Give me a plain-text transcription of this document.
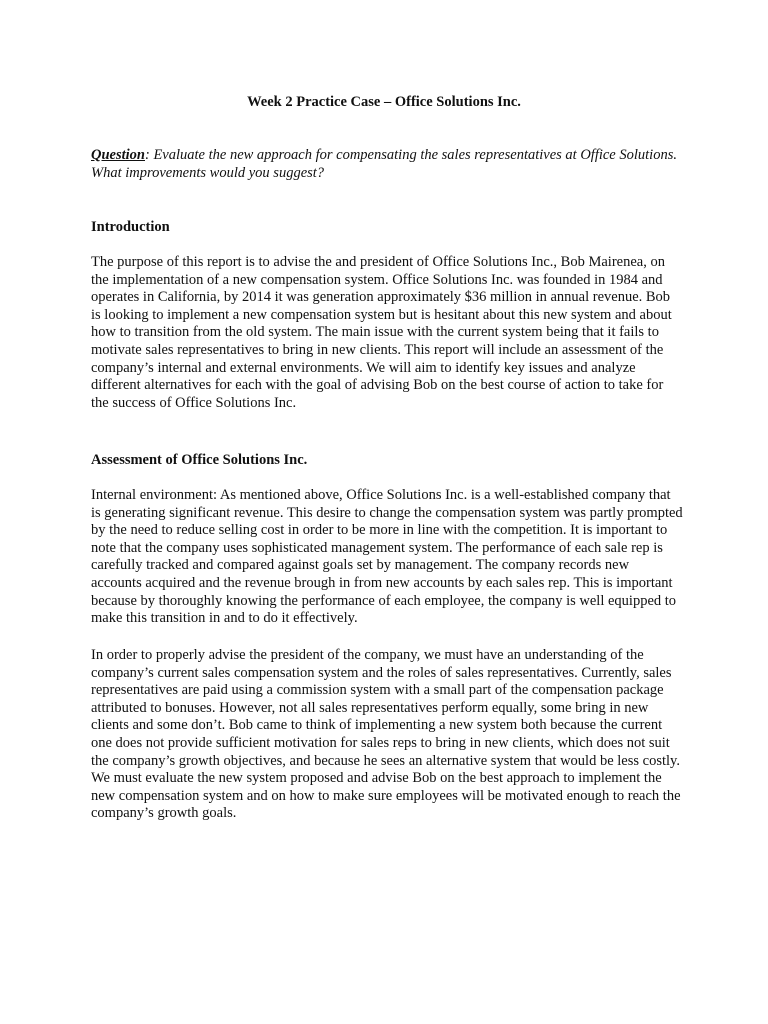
Week 2 Practice Case – Office Solutions Inc.
Question: Evaluate the new approach for compensating the sales representatives at Office Solutions. What improvements would you suggest?
Introduction

The purpose of this report is to advise the and president of Office Solutions Inc., Bob Mairenea, on the implementation of a new compensation system. Office Solutions Inc. was founded in 1984 and operates in California, by 2014 it was generation approximately $36 million in annual revenue. Bob is looking to implement a new compensation system but is hesitant about this new system and about how to transition from the old system. The main issue with the current system being that it fails to motivate sales representatives to bring in new clients. This report will include an assessment of the company’s internal and external environments. We will aim to identify key issues and analyze different alternatives for each with the goal of advising Bob on the best course of action to take for the success of Office Solutions Inc.

Assessment of Office Solutions Inc.

Internal environment: As mentioned above, Office Solutions Inc. is a well-established company that is generating significant revenue. This desire to change the compensation system was partly prompted by the need to reduce selling cost in order to be more in line with the competition. It is important to note that the company uses sophisticated management system. The performance of each sale rep is carefully tracked and compared against goals set by management. The company records new accounts acquired and the revenue brough in from new accounts by each sales rep. This is important because by thoroughly knowing the performance of each employee, the company is well equipped to make this transition in and to do it effectively.

In order to properly advise the president of the company, we must have an understanding of the company’s current sales compensation system and the roles of sales representatives. Currently, sales representatives are paid using a commission system with a small part of the compensation package attributed to bonuses. However, not all sales representatives perform equally, some bring in new clients and some don’t. Bob came to think of implementing a new system both because the current one does not provide sufficient motivation for sales reps to bring in new clients, which does not suit the company’s growth objectives, and because he sees an alternative system that would be less costly. We must evaluate the new system proposed and advise Bob on the best approach to implement the new compensation system and on how to make sure employees will be motivated enough to reach the company’s growth goals.
